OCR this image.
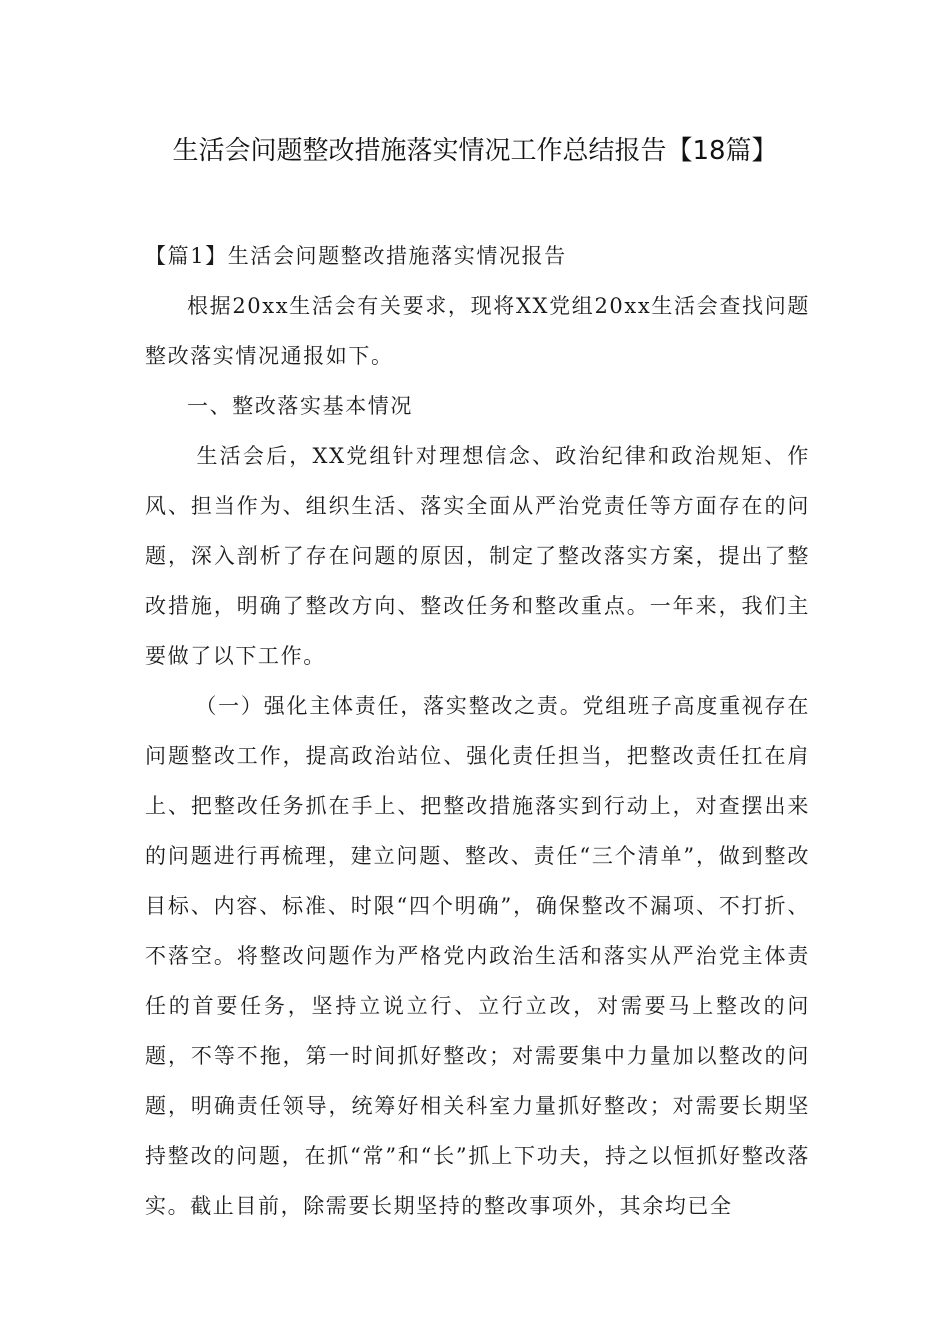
生活会问题整改措施落实情况工作总结报告【18篇】

【篇1】生活会问题整改措施落实情况报告

根据20xx生活会有关要求，现将XX党组20xx生活会查找问题整改落实情况通报如下。

一、整改落实基本情况

生活会后，XX党组针对理想信念、政治纪律和政治规矩、作风、担当作为、组织生活、落实全面从严治党责任等方面存在的问题，深入剖析了存在问题的原因，制定了整改落实方案，提出了整改措施，明确了整改方向、整改任务和整改重点。一年来，我们主要做了以下工作。

（一）强化主体责任，落实整改之责。党组班子高度重视存在问题整改工作，提高政治站位、强化责任担当，把整改责任扛在肩上、把整改任务抓在手上、把整改措施落实到行动上，对查摆出来的问题进行再梳理，建立问题、整改、责任“三个清单”，做到整改目标、内容、标准、时限“四个明确”，确保整改不漏项、不打折、不落空。将整改问题作为严格党内政治生活和落实从严治党主体责任的首要任务，坚持立说立行、立行立改，对需要马上整改的问题，不等不拖，第一时间抓好整改；对需要集中力量加以整改的问题，明确责任领导，统筹好相关科室力量抓好整改；对需要长期坚持整改的问题，在抓“常”和“长”抓上下功夫，持之以恒抓好整改落实。截止目前，除需要长期坚持的整改事项外，其余均已全
